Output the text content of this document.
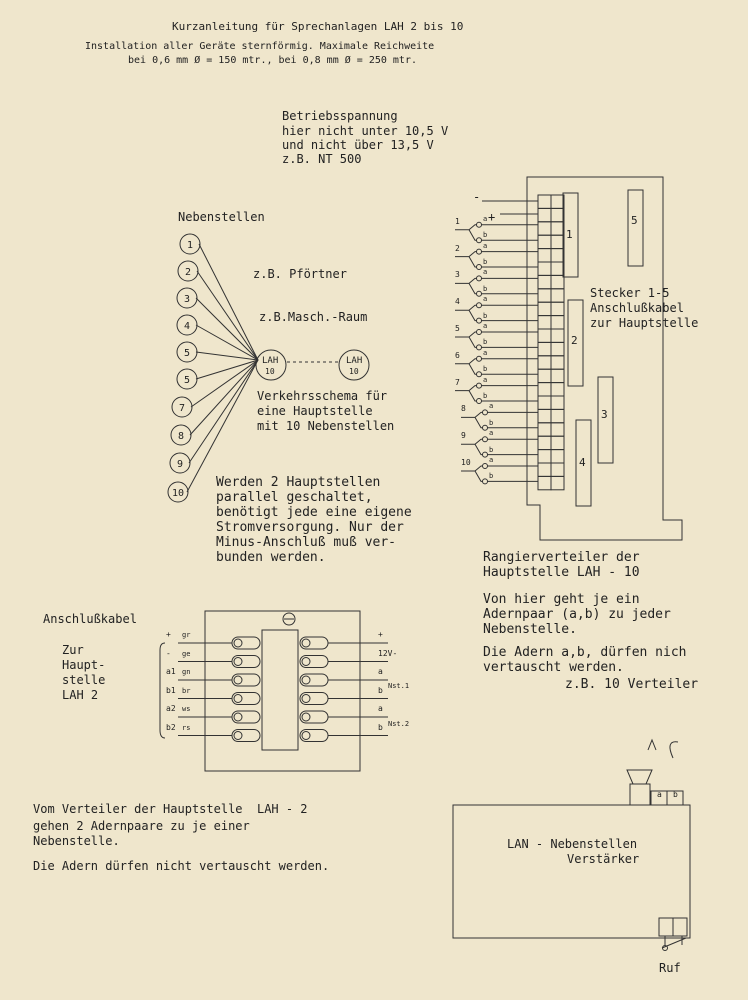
1
2
3
4
5
5
7
8
9
10
LAH
10
LAH
10
1
2
3
4
5
Kurzanleitung für Sprechanlagen LAH 2 bis 10
Installation aller Geräte sternförmig. Maximale Reichweite
bei 0,6 mm Ø = 150 mtr., bei 0,8 mm Ø = 250 mtr.
Betriebsspannung
hier nicht unter 10,5 V
und nicht über 13,5 V
z.B. NT 500
Nebenstellen
z.B. Pförtner
z.B.Masch.-Raum
Verkehrsschema für
eine Hauptstelle
mit 10 Nebenstellen
Werden 2 Hauptstellen
parallel geschaltet,
benötigt jede eine eigene
Stromversorgung. Nur der
Minus-Anschluß muß ver-
bunden werden.
-
+
Stecker 1-5
Anschlußkabel
zur Hauptstelle
1	a
b
2	a
b
3	a
b
4	a
b
5	a
b
6	a
b
7	a
b
8	a
b
9	a
b
10	a
b
Rangierverteiler der
Hauptstelle LAH - 10
Von hier geht je ein
Adernpaar (a,b) zu jeder
Nebenstelle.
Die Adern a,b, dürfen nich
vertauscht werden.
z.B. 10 Verteiler
Anschlußkabel
Zur
Haupt-
stelle
LAH 2
+ gr	+
- ge	12V-
a1 gn	a
b1 br	b
a2 ws	a
b2 rs	b
Nst.1
Nst.2
Vom Verteiler der Hauptstelle  LAH - 2
gehen 2 Adernpaare zu je einer
Nebenstelle.
Die Adern dürfen nicht vertauscht werden.
LAN - Nebenstellen
Verstärker
a b
Ruf
